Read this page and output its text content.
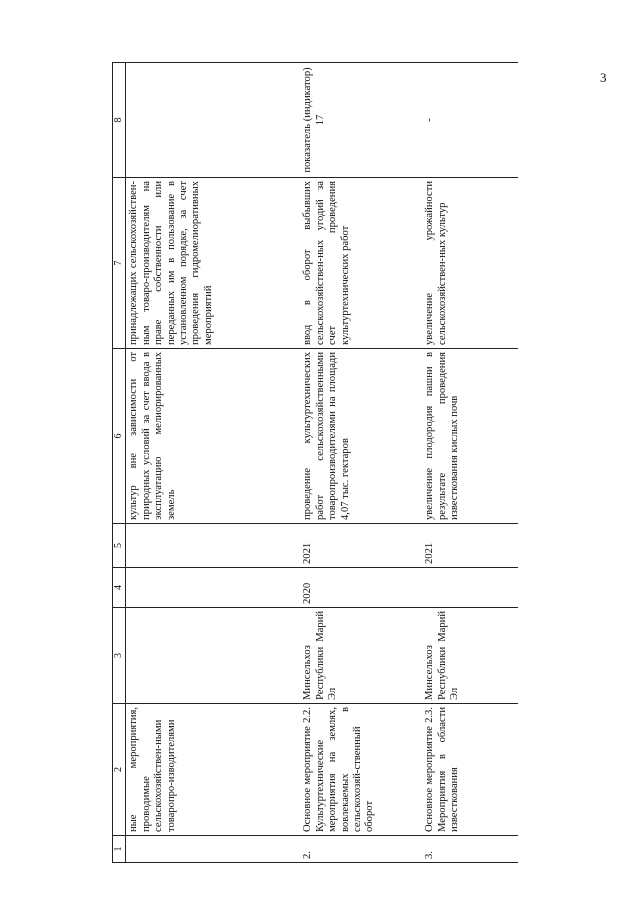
3
1	2	3	4	5	6	7	8
	ные мероприятия, проводимые сельскохозяйствен-ными товаропро-изводителями				культур вне зависимости от природных условий за счет ввода в эксплуатацию мелиорированных земель	принадлежащих сельскохозяйствен-ным товаро-производителям на праве собственности или переданных им в пользование в установленном порядке, за счет проведения гидромелиоративных мероприятий	
2.	Основное мероприятие 2.2. Культуртехнические мероприятия на землях, вовлекаемых в сельскохозяй-ственный оборот	Минсельхоз Республики Марий Эл	2020	2021	проведение культуртехнических работ сельскохозяйственными товаропроизводителями на площади 4,07 тыс. гектаров	ввод в оборот выбывших сельскохозяйствен-ных угодий за счет проведения культуртехнических работ	показатель (индикатор) 17
3.	Основное мероприятие 2.3. Мероприятия в области известкования	Минсельхоз Республики Марий Эл		2021	увеличение плодородия пашни в результате проведения известкования кислых почв	увеличение урожайности сельскохозяйствен-ных культур	-
